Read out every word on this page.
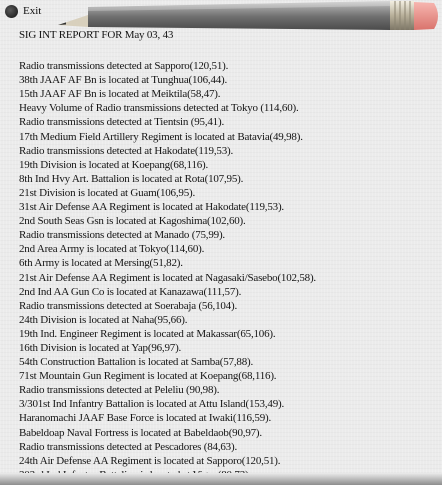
Exit
SIG INT REPORT FOR May 03, 43
Radio transmissions detected at Sapporo(120,51).
38th JAAF AF Bn is located at Tunghua(106,44).
15th JAAF AF Bn is located at Meiktila(58,47).
Heavy Volume of Radio transmissions detected at Tokyo (114,60).
Radio transmissions detected at Tientsin (95,41).
17th Medium Field Artillery Regiment is located at Batavia(49,98).
Radio transmissions detected at Hakodate(119,53).
19th Division is located at Koepang(68,116).
8th Ind Hvy Art. Battalion is located at Rota(107,95).
21st Division is located at Guam(106,95).
31st Air Defense AA Regiment is located at Hakodate(119,53).
2nd South Seas Gsn is located at Kagoshima(102,60).
Radio transmissions detected at Manado (75,99).
2nd Area Army is located at Tokyo(114,60).
6th Army is located at Mersing(51,82).
21st Air Defense AA Regiment is located at Nagasaki/Sasebo(102,58).
2nd Ind AA Gun Co is located at Kanazawa(111,57).
Radio transmissions detected at Soerabaja (56,104).
24th Division is located at Naha(95,66).
19th Ind. Engineer Regiment is located at Makassar(65,106).
16th Division is located at Yap(96,97).
54th Construction Battalion is located at Samba(57,88).
71st Mountain Gun Regiment is located at Koepang(68,116).
Radio transmissions detected at Peleliu (90,98).
3/301st Ind Infantry Battalion is located at Attu Island(153,49).
Haranomachi JAAF Base Force is located at Iwaki(116,59).
Babeldoap Naval Fortress is located at Babeldaob(90,97).
Radio transmissions detected at Pescadores (84,63).
24th Air Defense AA Regiment is located at Sapporo(120,51).
